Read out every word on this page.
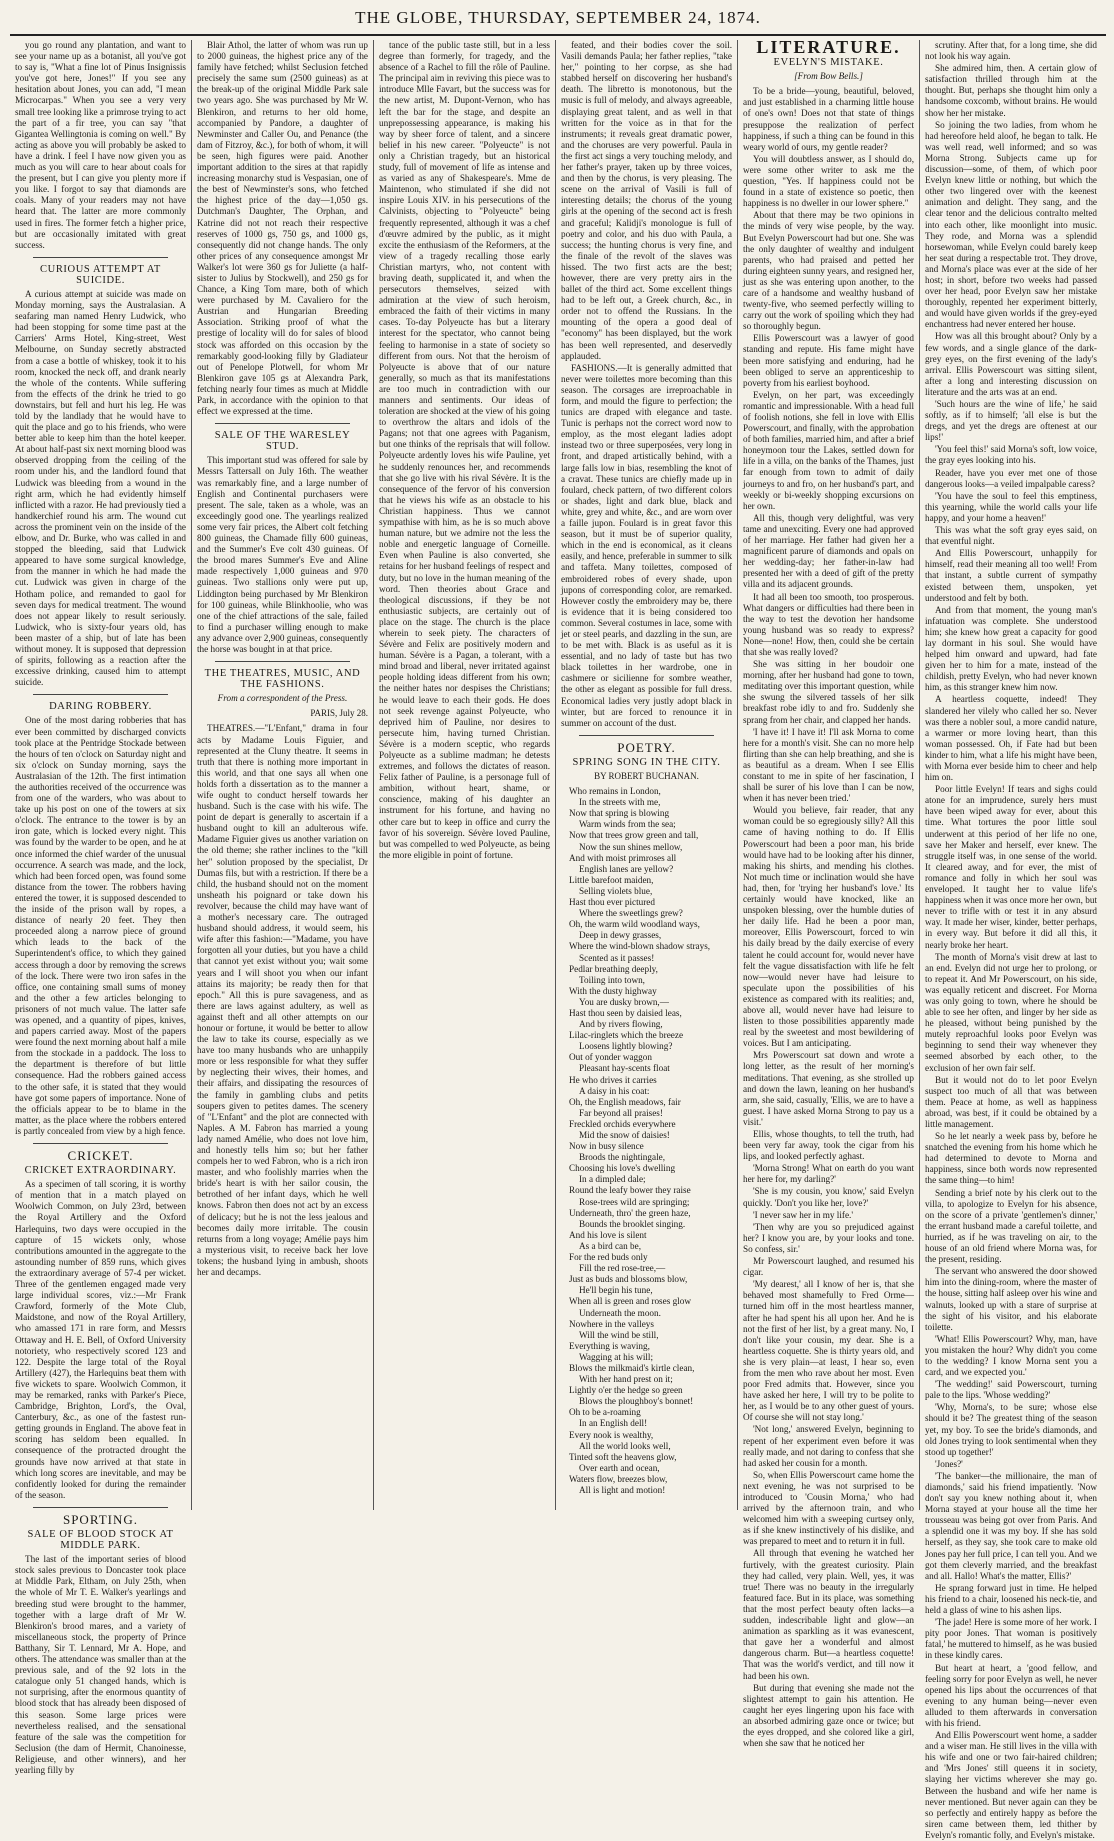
THE GLOBE, THURSDAY, SEPTEMBER 24, 1874.

you go round any plantation, and want to see your name up as a botanist, all you've got to say is, "What a fine lot of Pinus Insignissis you've got here, Jones!" If you see any hesitation about Jones, you can add, "I mean Microcarpas." When you see a very very small tree looking like a primrose trying to act the part of a fir tree, you can say "that Gigantea Wellingtonia is coming on well." By acting as above you will probably be asked to have a drink. I feel I have now given you as much as you will care to hear about coals for the present, but I can give you plenty more if you like. I forgot to say that diamonds are coals. Many of your readers may not have heard that. The latter are more commonly used in fires. The former fetch a higher price, but are occasionally imitated with great success.

CURIOUS ATTEMPT AT SUICIDE.

A curious attempt at suicide was made on Monday morning, says the Australasian. A seafaring man named Henry Ludwick, who had been stopping for some time past at the Carriers' Arms Hotel, King-street, West Melbourne, on Sunday secretly abstracted from a case a bottle of whiskey, took it to his room, knocked the neck off, and drank nearly the whole of the contents. While suffering from the effects of the drink he tried to go downstairs, but fell and hurt his leg. He was told by the landlady that he would have to quit the place and go to his friends, who were better able to keep him than the hotel keeper. At about half-past six next morning blood was observed dropping from the ceiling of the room under his, and the landlord found that Ludwick was bleeding from a wound in the right arm, which he had evidently himself inflicted with a razor. He had previously tied a handkerchief round his arm. The wound cut across the prominent vein on the inside of the elbow, and Dr. Burke, who was called in and stopped the bleeding, said that Ludwick appeared to have some surgical knowledge, from the manner in which he had made the cut. Ludwick was given in charge of the Hotham police, and remanded to gaol for seven days for medical treatment. The wound does not appear likely to result seriously. Ludwick, who is sixty-four years old, has been master of a ship, but of late has been without money. It is supposed that depression of spirits, following as a reaction after the excessive drinking, caused him to attempt suicide.

DARING ROBBERY.

One of the most daring robberies that has ever been committed by discharged convicts took place at the Pentridge Stockade between the hours of ten o'clock on Saturday night and six o'clock on Sunday morning, says the Australasian of the 12th. The first intimation the authorities received of the occurrence was from one of the warders, who was about to take up his post on one of the towers at six o'clock. The entrance to the tower is by an iron gate, which is locked every night. This was found by the warder to be open, and he at once informed the chief warder of the unusual occurrence. A search was made, and the lock, which had been forced open, was found some distance from the tower. The robbers having entered the tower, it is supposed descended to the inside of the prison wall by ropes, a distance of nearly 20 feet. They then proceeded along a narrow piece of ground which leads to the back of the Superintendent's office, to which they gained access through a door by removing the screws of the lock. There were two iron safes in the office, one containing small sums of money and the other a few articles belonging to prisoners of not much value. The latter safe was opened, and a quantity of pipes, knives, and papers carried away. Most of the papers were found the next morning about half a mile from the stockade in a paddock. The loss to the department is therefore of but little consequence. Had the robbers gained access to the other safe, it is stated that they would have got some papers of importance. None of the officials appear to be to blame in the matter, as the place where the robbers entered is partly concealed from view by a high fence.

CRICKET.
CRICKET EXTRAORDINARY.

As a specimen of tall scoring, it is worthy of mention that in a match played on Woolwich Common, on July 23rd, between the Royal Artillery and the Oxford Harlequins, two days were occupied in the capture of 15 wickets only, whose contributions amounted in the aggregate to the astounding number of 859 runs, which gives the extraordinary average of 57-4 per wicket. Three of the gentlemen engaged made very large individual scores, viz.:—Mr Frank Crawford, formerly of the Mote Club, Maidstone, and now of the Royal Artillery, who amassed 171 in rare form, and Messrs Ottaway and H. E. Bell, of Oxford University notoriety, who respectively scored 123 and 122. Despite the large total of the Royal Artillery (427), the Harlequins beat them with five wickets to spare. Woolwich Common, it may be remarked, ranks with Parker's Piece, Cambridge, Brighton, Lord's, the Oval, Canterbury, &c., as one of the fastest run-getting grounds in England. The above feat in scoring has seldom been equalled. In consequence of the protracted drought the grounds have now arrived at that state in which long scores are inevitable, and may be confidently looked for during the remainder of the season.

SPORTING.
SALE OF BLOOD STOCK AT MIDDLE PARK.

The last of the important series of blood stock sales previous to Doncaster took place at Middle Park, Eltham, on July 25th, when the whole of Mr T. E. Walker's yearlings and breeding stud were brought to the hammer, together with a large draft of Mr W. Blenkiron's brood mares, and a variety of miscellaneous stock, the property of Prince Batthany, Sir T. Lennard, Mr A. Hope, and others. The attendance was smaller than at the previous sale, and of the 92 lots in the catalogue only 51 changed hands, which is not surprising, after the enormous quantity of blood stock that has already been disposed of this season. Some large prices were nevertheless realised, and the sensational feature of the sale was the competition for Seclusion (the dam of Hermit, Chanoinesse, Religieuse, and other winners), and her yearling filly by

Blair Athol, the latter of whom was run up to 2000 guineas, the highest price any of the family have fetched; whilst Seclusion fetched precisely the same sum (2500 guineas) as at the break-up of the original Middle Park sale two years ago. She was purchased by Mr W. Blenkiron, and returns to her old home, accompanied by Pandore, a daughter of Newminster and Caller Ou, and Penance (the dam of Fitzroy, &c.), for both of whom, it will be seen, high figures were paid. Another important addition to the sires at that rapidly increasing monarchy stud is Vespasian, one of the best of Newminster's sons, who fetched the highest price of the day—1,050 gs. Dutchman's Daughter, The Orphan, and Katrine did not not reach their respective reserves of 1000 gs, 750 gs, and 1000 gs, consequently did not change hands. The only other prices of any consequence amongst Mr Walker's lot were 360 gs for Juliette (a half-sister to Julius by Stockwell), and 250 gs for Chance, a King Tom mare, both of which were purchased by M. Cavaliero for the Austrian and Hungarian Breeding Association. Striking proof of what the prestige of locality will do for sales of blood stock was afforded on this occasion by the remarkably good-looking filly by Gladiateur out of Penelope Plotwell, for whom Mr Blenkiron gave 105 gs at Alexandra Park, fetching nearly four times as much at Middle Park, in accordance with the opinion to that effect we expressed at the time.

SALE OF THE WARESLEY STUD.

This important stud was offered for sale by Messrs Tattersall on July 16th. The weather was remarkably fine, and a large number of English and Continental purchasers were present. The sale, taken as a whole, was an exceedingly good one. The yearlings realized some very fair prices, the Albert colt fetching 800 guineas, the Chamade filly 600 guineas, and the Summer's Eve colt 430 guineas. Of the brood mares Summer's Eve and Aline made respectively 1,000 guineas and 970 guineas. Two stallions only were put up, Liddington being purchased by Mr Blenkiron for 100 guineas, while Blinkhoolie, who was one of the chief attractions of the sale, failed to find a purchaser willing enough to make any advance over 2,900 guineas, consequently the horse was bought in at that price.

THE THEATRES, MUSIC, AND THE FASHIONS.
From a correspondent of the Press.
PARIS, July 28.

THEATRES.—"L'Enfant," drama in four acts by Madame Louis Figuier, and represented at the Cluny theatre. It seems in truth that there is nothing more important in this world, and that one says all when one holds forth a dissertation as to the manner a wife ought to conduct herself towards her husband. Such is the case with his wife. The point de depart is generally to ascertain if a husband ought to kill an adulterous wife. Madame Figuier gives us another variation on the old theme; she rather inclines to the "kill her" solution proposed by the specialist, Dr Dumas fils, but with a restriction. If there be a child, the husband should not on the moment unsheath his poignard or take down his revolver, because the child may have want of a mother's necessary care. The outraged husband should address, it would seem, his wife after this fashion:—"Madame, you have forgotten all your duties, but you have a child that cannot yet exist without you; wait some years and I will shoot you when our infant attains its majority; be ready then for that epoch." All this is pure savageness, and as there are laws against adultery, as well as against theft and all other attempts on our honour or fortune, it would be better to allow the law to take its course, especially as we have too many husbands who are unhappily more or less responsible for what they suffer by neglecting their wives, their homes, and their affairs, and dissipating the resources of the family in gambling clubs and petits soupers given to petites dames. The scenery of "L'Enfant" and the plot are connected with Naples. A M. Fabron has married a young lady named Amélie, who does not love him, and honestly tells him so; but her father compels her to wed Fabron, who is a rich iron master, and who foolishly marries when the bride's heart is with her sailor cousin, the betrothed of her infant days, which he well knows. Fabron then does not act by an excess of delicacy; but he is not the less jealous and becomes daily more irritable. The cousin returns from a long voyage; Amélie pays him a mysterious visit, to receive back her love tokens; the husband lying in ambush, shoots her and decamps.

tance of the public taste still, but in a less degree than formerly, for tragedy, and the absence of a Rachel to fill the rôle of Pauline. The principal aim in reviving this piece was to introduce Mlle Favart, but the success was for the new artist, M. Dupont-Vernon, who has left the bar for the stage, and despite an unprepossessing appearance, is making his way by sheer force of talent, and a sincere belief in his new career. "Polyeucte" is not only a Christian tragedy, but an historical study, full of movement of life as intense and as varied as any of Shakespeare's. Mme de Maintenon, who stimulated if she did not inspire Louis XIV. in his persecutions of the Calvinists, objecting to "Polyeucte" being frequently represented, although it was a chef d'œuvre admired by the public, as it might excite the enthusiasm of the Reformers, at the view of a tragedy recalling those early Christian martyrs, who, not content with braving death, supplicated it, and when the persecutors themselves, seized with admiration at the view of such heroism, embraced the faith of their victims in many cases. To-day Polyeucte has but a literary interest for the spectator, who cannot being feeling to harmonise in a state of society so different from ours. Not that the heroism of Polyeucte is above that of our nature generally, so much as that its manifestations are too much in contradiction with our manners and sentiments. Our ideas of toleration are shocked at the view of his going to overthrow the altars and idols of the Pagans; not that one agrees with Paganism, but one thinks of the reprisals that will follow. Polyeucte ardently loves his wife Pauline, yet he suddenly renounces her, and recommends that she go live with his rival Sévère. It is the consequence of the fervor of his conversion that he views his wife as an obstacle to his Christian happiness. Thus we cannot sympathise with him, as he is so much above human nature, but we admire not the less the noble and energetic language of Corneille. Even when Pauline is also converted, she retains for her husband feelings of respect and duty, but no love in the human meaning of the word. Then theories about Grace and theological discussions, if they be not enthusiastic subjects, are certainly out of place on the stage. The church is the place wherein to seek piety. The characters of Sévère and Felix are positively modern and human. Sévère is a Pagan, a tolerant, with a mind broad and liberal, never irritated against people holding ideas different from his own; the neither hates nor despises the Christians; he would leave to each their gods. He does not seek revenge against Polyeucte, who deprived him of Pauline, nor desires to persecute him, having turned Christian. Sévère is a modern sceptic, who regards Polyeucte as a sublime madman; he detests extremes, and follows the dictates of reason. Felix father of Pauline, is a personage full of ambition, without heart, shame, or conscience, making of his daughter an instrument for his fortune, and having no other care but to keep in office and curry the favor of his sovereign. Sévère loved Pauline, but was compelled to wed Polyeucte, as being the more eligible in point of fortune.

feated, and their bodies cover the soil. Vasili demands Paula; her father replies, "take her," pointing to her corpse, as she had stabbed herself on discovering her husband's death. The libretto is monotonous, but the music is full of melody, and always agreeable, displaying great talent, and as well in that written for the voice as in that for the instruments; it reveals great dramatic power, and the choruses are very powerful. Paula in the first act sings a very touching melody, and her father's prayer, taken up by three voices, and then by the chorus, is very pleasing. The scene on the arrival of Vasili is full of interesting details; the chorus of the young girls at the opening of the second act is fresh and graceful; Kalidji's monologue is full of poetry and color, and his duo with Paula, a success; the hunting chorus is very fine, and the finale of the revolt of the slaves was hissed. The two first acts are the best; however, there are very pretty airs in the ballet of the third act. Some excellent things had to be left out, a Greek church, &c., in order not to offend the Russians. In the mounting of the opera a good deal of "economy" has been displayed, but the work has been well represented, and deservedly applauded.

FASHIONS.—It is generally admitted that never were toilettes more becoming than this season. The corsages are irreproachable in form, and mould the figure to perfection; the tunics are draped with elegance and taste. Tunic is perhaps not the correct word now to employ, as the most elegant ladies adopt instead two or three superposées, very long in front, and draped artistically behind, with a large falls low in bias, resembling the knot of a cravat. These tunics are chiefly made up in foulard, check pattern, of two different colors or shades, light and dark blue, black and white, grey and white, &c., and are worn over a faille jupon. Foulard is in great favor this season, but it must be of superior quality, which in the end is economical, as it cleans easily, and hence, preferable in summer to silk and taffeta. Many toilettes, composed of embroidered robes of every shade, upon jupons of corresponding color, are remarked. However costly the embroidery may be, there is evidence that it is being considered too common. Several costumes in lace, some with jet or steel pearls, and dazzling in the sun, are to be met with. Black is as useful as it is essential, and no lady of taste but has two black toilettes in her wardrobe, one in cashmere or sicilienne for sombre weather, the other as elegant as possible for full dress. Economical ladies very justly adopt black in winter, but are forced to renounce it in summer on account of the dust.

POETRY.
SPRING SONG IN THE CITY.
BY ROBERT BUCHANAN.
Who remains in London,
In the streets with me,
Now that spring is blowing
Warm winds from the sea;
Now that trees grow green and tall,
Now the sun shines mellow,
And with moist primroses all
English lanes are yellow?
Little barefoot maiden,
Selling violets blue,
Hast thou ever pictured
Where the sweetlings grew?
Oh, the warm wild woodland ways,
Deep in dewy grasses,
Where the wind-blown shadow strays,
Scented as it passes!
Pedlar breathing deeply,
Toiling into town,
With the dusty highway
You are dusky brown,—
Hast thou seen by daisied leas,
And by rivers flowing,
Lilac-ringlets which the breeze
Loosens lightly blowing?
Out of yonder waggon
Pleasant hay-scents float
He who drives it carries
A daisy in his coat:
Oh, the English meadows, fair
Far beyond all praises!
Freckled orchids everywhere
Mid the snow of daisies!
Now in busy silence
Broods the nightingale,
Choosing his love's dwelling
In a dimpled dale;
Round the leafy bower they raise
Rose-trees wild are springing;
Underneath, thro' the green haze,
Bounds the brooklet singing.
And his love is silent
As a bird can be,
For the red buds only
Fill the red rose-tree,—
Just as buds and blossoms blow,
He'll begin his tune,
When all is green and roses glow
Underneath the moon.
Nowhere in the valleys
Will the wind be still,
Everything is waving,
Wagging at his will;
Blows the milkmaid's kirtle clean,
With her hand prest on it;
Lightly o'er the hedge so green
Blows the ploughboy's bonnet!
Oh to be a-roaming
In an English dell!
Every nook is wealthy,
All the world looks well,
Tinted soft the heavens glow,
Over earth and ocean,
Waters flow, breezes blow,
All is light and motion!
LITERATURE.
EVELYN'S MISTAKE.
[From Bow Bells.]

To be a bride—young, beautiful, beloved, and just established in a charming little house of one's own! Does not that state of things presuppose the realization of perfect happiness, if such a thing can be found in this weary world of ours, my gentle reader?

You will doubtless answer, as I should do, were some other writer to ask me the question, "Yes. If happiness could not be found in a state of existence so poetic, then happiness is no dweller in our lower sphere."

About that there may be two opinions in the minds of very wise people, by the way. But Evelyn Powerscourt had but one. She was the only daughter of wealthy and indulgent parents, who had praised and petted her during eighteen sunny years, and resigned her, just as she was entering upon another, to the care of a handsome and wealthy husband of twenty-five, who seemed perfectly willing to carry out the work of spoiling which they had so thoroughly begun.

Ellis Powerscourt was a lawyer of good standing and repute. His fame might have been more satisfying and enduring, had he been obliged to serve an apprenticeship to poverty from his earliest boyhood.

Evelyn, on her part, was exceedingly romantic and impressionable. With a head full of foolish notions, she fell in love with Ellis Powerscourt, and finally, with the approbation of both families, married him, and after a brief honeymoon tour the Lakes, settled down for life in a villa, on the banks of the Thames, just far enough from town to admit of daily journeys to and fro, on her husband's part, and weekly or bi-weekly shopping excursions on her own.

All this, though very delightful, was very tame and unexciting. Every one had approved of her marriage. Her father had given her a magnificent parure of diamonds and opals on her wedding-day; her father-in-law had presented her with a deed of gift of the pretty villa and its adjacent grounds.

It had all been too smooth, too prosperous. What dangers or difficulties had there been in the way to test the devotion her handsome young husband was so ready to express? None—none! How, then, could she be certain that she was really loved?

She was sitting in her boudoir one morning, after her husband had gone to town, meditating over this important question, while she swung the silvered tassels of her silk breakfast robe idly to and fro. Suddenly she sprang from her chair, and clapped her hands.

'I have it! I have it! I'll ask Morna to come here for a month's visit. She can no more help flirting than she can help breathing, and she is as beautiful as a dream. When I see Ellis constant to me in spite of her fascination, I shall be surer of his love than I can be now, when it has never been tried.'

Would you believe, fair reader, that any woman could be so egregiously silly? All this came of having nothing to do. If Ellis Powerscourt had been a poor man, his bride would have had to be looking after his dinner, making his shirts, and mending his clothes. Not much time or inclination would she have had, then, for 'trying her husband's love.' Its certainly would have knocked, like an unspoken blessing, over the humble duties of her daily life. Had he been a poor man, moreover, Ellis Powerscourt, forced to win his daily bread by the daily exercise of every talent he could account for, would never have felt the vague dissatisfaction with life he felt now—would never have had leisure to speculate upon the possibilities of his existence as compared with its realities; and, above all, would never have had leisure to listen to those possibilities apparently made real by the sweetest and most bewildering of voices. But I am anticipating.

Mrs Powerscourt sat down and wrote a long letter, as the result of her morning's meditations. That evening, as she strolled up and down the lawn, leaning on her husband's arm, she said, casually, 'Ellis, we are to have a guest. I have asked Morna Strong to pay us a visit.'

Ellis, whose thoughts, to tell the truth, had been very far away, took the cigar from his lips, and looked perfectly aghast.

'Morna Strong! What on earth do you want her here for, my darling?'

'She is my cousin, you know,' said Evelyn quickly. 'Don't you like her, love?'

'I never saw her in my life.'

'Then why are you so prejudiced against her? I know you are, by your looks and tone. So confess, sir.'

Mr Powerscourt laughed, and resumed his cigar.

'My dearest,' all I know of her is, that she behaved most shamefully to Fred Orme—turned him off in the most heartless manner, after he had spent his all upon her. And he is not the first of her list, by a great many. No, I don't like your cousin, my dear. She is a heartless coquette. She is thirty years old, and she is very plain—at least, I hear so, even from the men who rave about her most. Even poor Fred admits that. However, since you have asked her here, I will try to be polite to her, as I would be to any other guest of yours. Of course she will not stay long.'

'Not long,' answered Evelyn, beginning to repent of her experiment even before it was really made, and not daring to confess that she had asked her cousin for a month.

So, when Ellis Powerscourt came home the next evening, he was not surprised to be introduced to 'Cousin Morna,' who had arrived by the afternoon train, and who welcomed him with a sweeping curtsey only, as if she knew instinctively of his dislike, and was prepared to meet and to return it in full.

All through that evening he watched her furtively, with the greatest curiosity. Plain they had called, very plain. Well, yes, it was true! There was no beauty in the irregularly featured face. But in its place, was something that the most perfect beauty often lacks—a sudden, indescribable light and glow—an animation as sparkling as it was evanescent, that gave her a wonderful and almost dangerous charm. But—a heartless coquette! That was the world's verdict, and till now it had been his own.

But during that evening she made not the slightest attempt to gain his attention. He caught her eyes lingering upon his face with an absorbed admiring gaze once or twice; but the eyes dropped, and she colored like a girl, when she saw that he noticed her

scrutiny. After that, for a long time, she did not look his way again.

She admired him, then. A certain glow of satisfaction thrilled through him at the thought. But, perhaps she thought him only a handsome coxcomb, without brains. He would show her her mistake.

So joining the two ladies, from whom he had hereofore held aloof, he began to talk. He was well read, well informed; and so was Morna Strong. Subjects came up for discussion—some, of them, of which poor Evelyn knew little or nothing, but which the other two lingered over with the keenest animation and delight. They sang, and the clear tenor and the delicious contralto melted into each other, like moonlight into music. They rode, and Morna was a splendid horsewoman, while Evelyn could barely keep her seat during a respectable trot. They drove, and Morna's place was ever at the side of her host; in short, before two weeks had passed over her head, poor Evelyn saw her mistake thoroughly, repented her experiment bitterly, and would have given worlds if the grey-eyed enchantress had never entered her house.

How was all this brought about? Only by a few words, and a single glance of the dark-grey eyes, on the first evening of the lady's arrival. Ellis Powerscourt was sitting silent, after a long and interesting discussion on literature and the arts was at an end.

'Such hours are the wine of life,' he said softly, as if to himself; 'all else is but the dregs, and yet the dregs are oftenest at our lips!'

'You feel this!' said Morna's soft, low voice, the gray eyes looking into his.

Reader, have you ever met one of those dangerous looks—a veiled impalpable caress?

'You have the soul to feel this emptiness, this yearning, while the world calls your life happy, and your home a heaven!'

This was what the soft gray eyes said, on that eventful night.

And Ellis Powerscourt, unhappily for himself, read their meaning all too well! From that instant, a subtle current of sympathy existed between them, unspoken, yet understood and felt by both.

And from that moment, the young man's infatuation was complete. She understood him; she knew how great a capacity for good lay dormant in his soul. She would have helped him onward and upward, had fate given her to him for a mate, instead of the childish, pretty Evelyn, who had never known him, as this stranger knew him now.

A heartless coquette, indeed! They slandered her vilely who called her so. Never was there a nobler soul, a more candid nature, a warmer or more loving heart, than this woman possessed. Oh, if Fate had but been kinder to him, what a life his might have been, with Morna ever beside him to cheer and help him on.

Poor little Evelyn! If tears and sighs could atone for an imprudence, surely hers must have been wiped away for ever, about this time. What tortures the poor little soul underwent at this period of her life no one, save her Maker and herself, ever knew. The struggle itself was, in one sense of the world. It cleared away, and for ever, the mist of romance and folly in which her soul was enveloped. It taught her to value life's happiness when it was once more her own, but never to trifle with or test it in any absurd way. It made her wiser, kinder, better perhaps, in every way. But before it did all this, it nearly broke her heart.

The month of Morna's visit drew at last to an end. Evelyn did not urge her to prolong, or to repeat it. And Mr Powerscourt, on his side, was equally reticent and discreet. For Morna was only going to town, where he should be able to see her often, and linger by her side as he pleased, without being punished by the mutely reproachful looks poor Evelyn was beginning to send their way whenever they seemed absorbed by each other, to the exclusion of her own fair self.

But it would not do to let poor Evelyn suspect too much of all that was between them. Peace at home, as well as happiness abroad, was best, if it could be obtained by a little management.

So he let nearly a week pass by, before he snatched the evening from his home which he had determined to devote to Morna and happiness, since both words now represented the same thing—to him!

Sending a brief note by his clerk out to the villa, to apologize to Evelyn for his absence, on the score of a private 'gentlemen's dinner,' the errant husband made a careful toilette, and hurried, as if he was traveling on air, to the house of an old friend where Morna was, for the present, residing.

The servant who answered the door showed him into the dining-room, where the master of the house, sitting half asleep over his wine and walnuts, looked up with a stare of surprise at the sight of his visitor, and his elaborate toilette.

'What! Ellis Powerscourt? Why, man, have you mistaken the hour? Why didn't you come to the wedding? I know Morna sent you a card, and we expected you.'

'The wedding!' said Powerscourt, turning pale to the lips. 'Whose wedding?'

'Why, Morna's, to be sure; whose else should it be? The greatest thing of the season yet, my boy. To see the bride's diamonds, and old Jones trying to look sentimental when they stood up together!'

'Jones?'

'The banker—the millionaire, the man of diamonds,' said his friend impatiently. 'Now don't say you knew nothing about it, when Morna stayed at your house all the time her trousseau was being got over from Paris. And a splendid one it was my boy. If she has sold herself, as they say, she took care to make old Jones pay her full price, I can tell you. And we got them cleverly married, and the breakfast and all. Hallo! What's the matter, Ellis?'

He sprang forward just in time. He helped his friend to a chair, loosened his neck-tie, and held a glass of wine to his ashen lips.

'The jade! Here is some more of her work. I pity poor Jones. That woman is positively fatal,' he muttered to himself, as he was busied in these kindly cares.

But heart at heart, a 'good fellow, and feeling sorry for poor Evelyn as well, he never opened his lips about the occurrences of that evening to any human being—never even alluded to them afterwards in conversation with his friend.

And Ellis Powerscourt went home, a sadder and a wiser man. He still lives in the villa with his wife and one or two fair-haired children; and 'Mrs Jones' still queens it in society, slaying her victims wherever she may go. Between the husband and wife her name is never mentioned. But never again can they be so perfectly and entirely happy as before the siren came between them, led thither by Evelyn's romantic folly, and Evelyn's mistake.
